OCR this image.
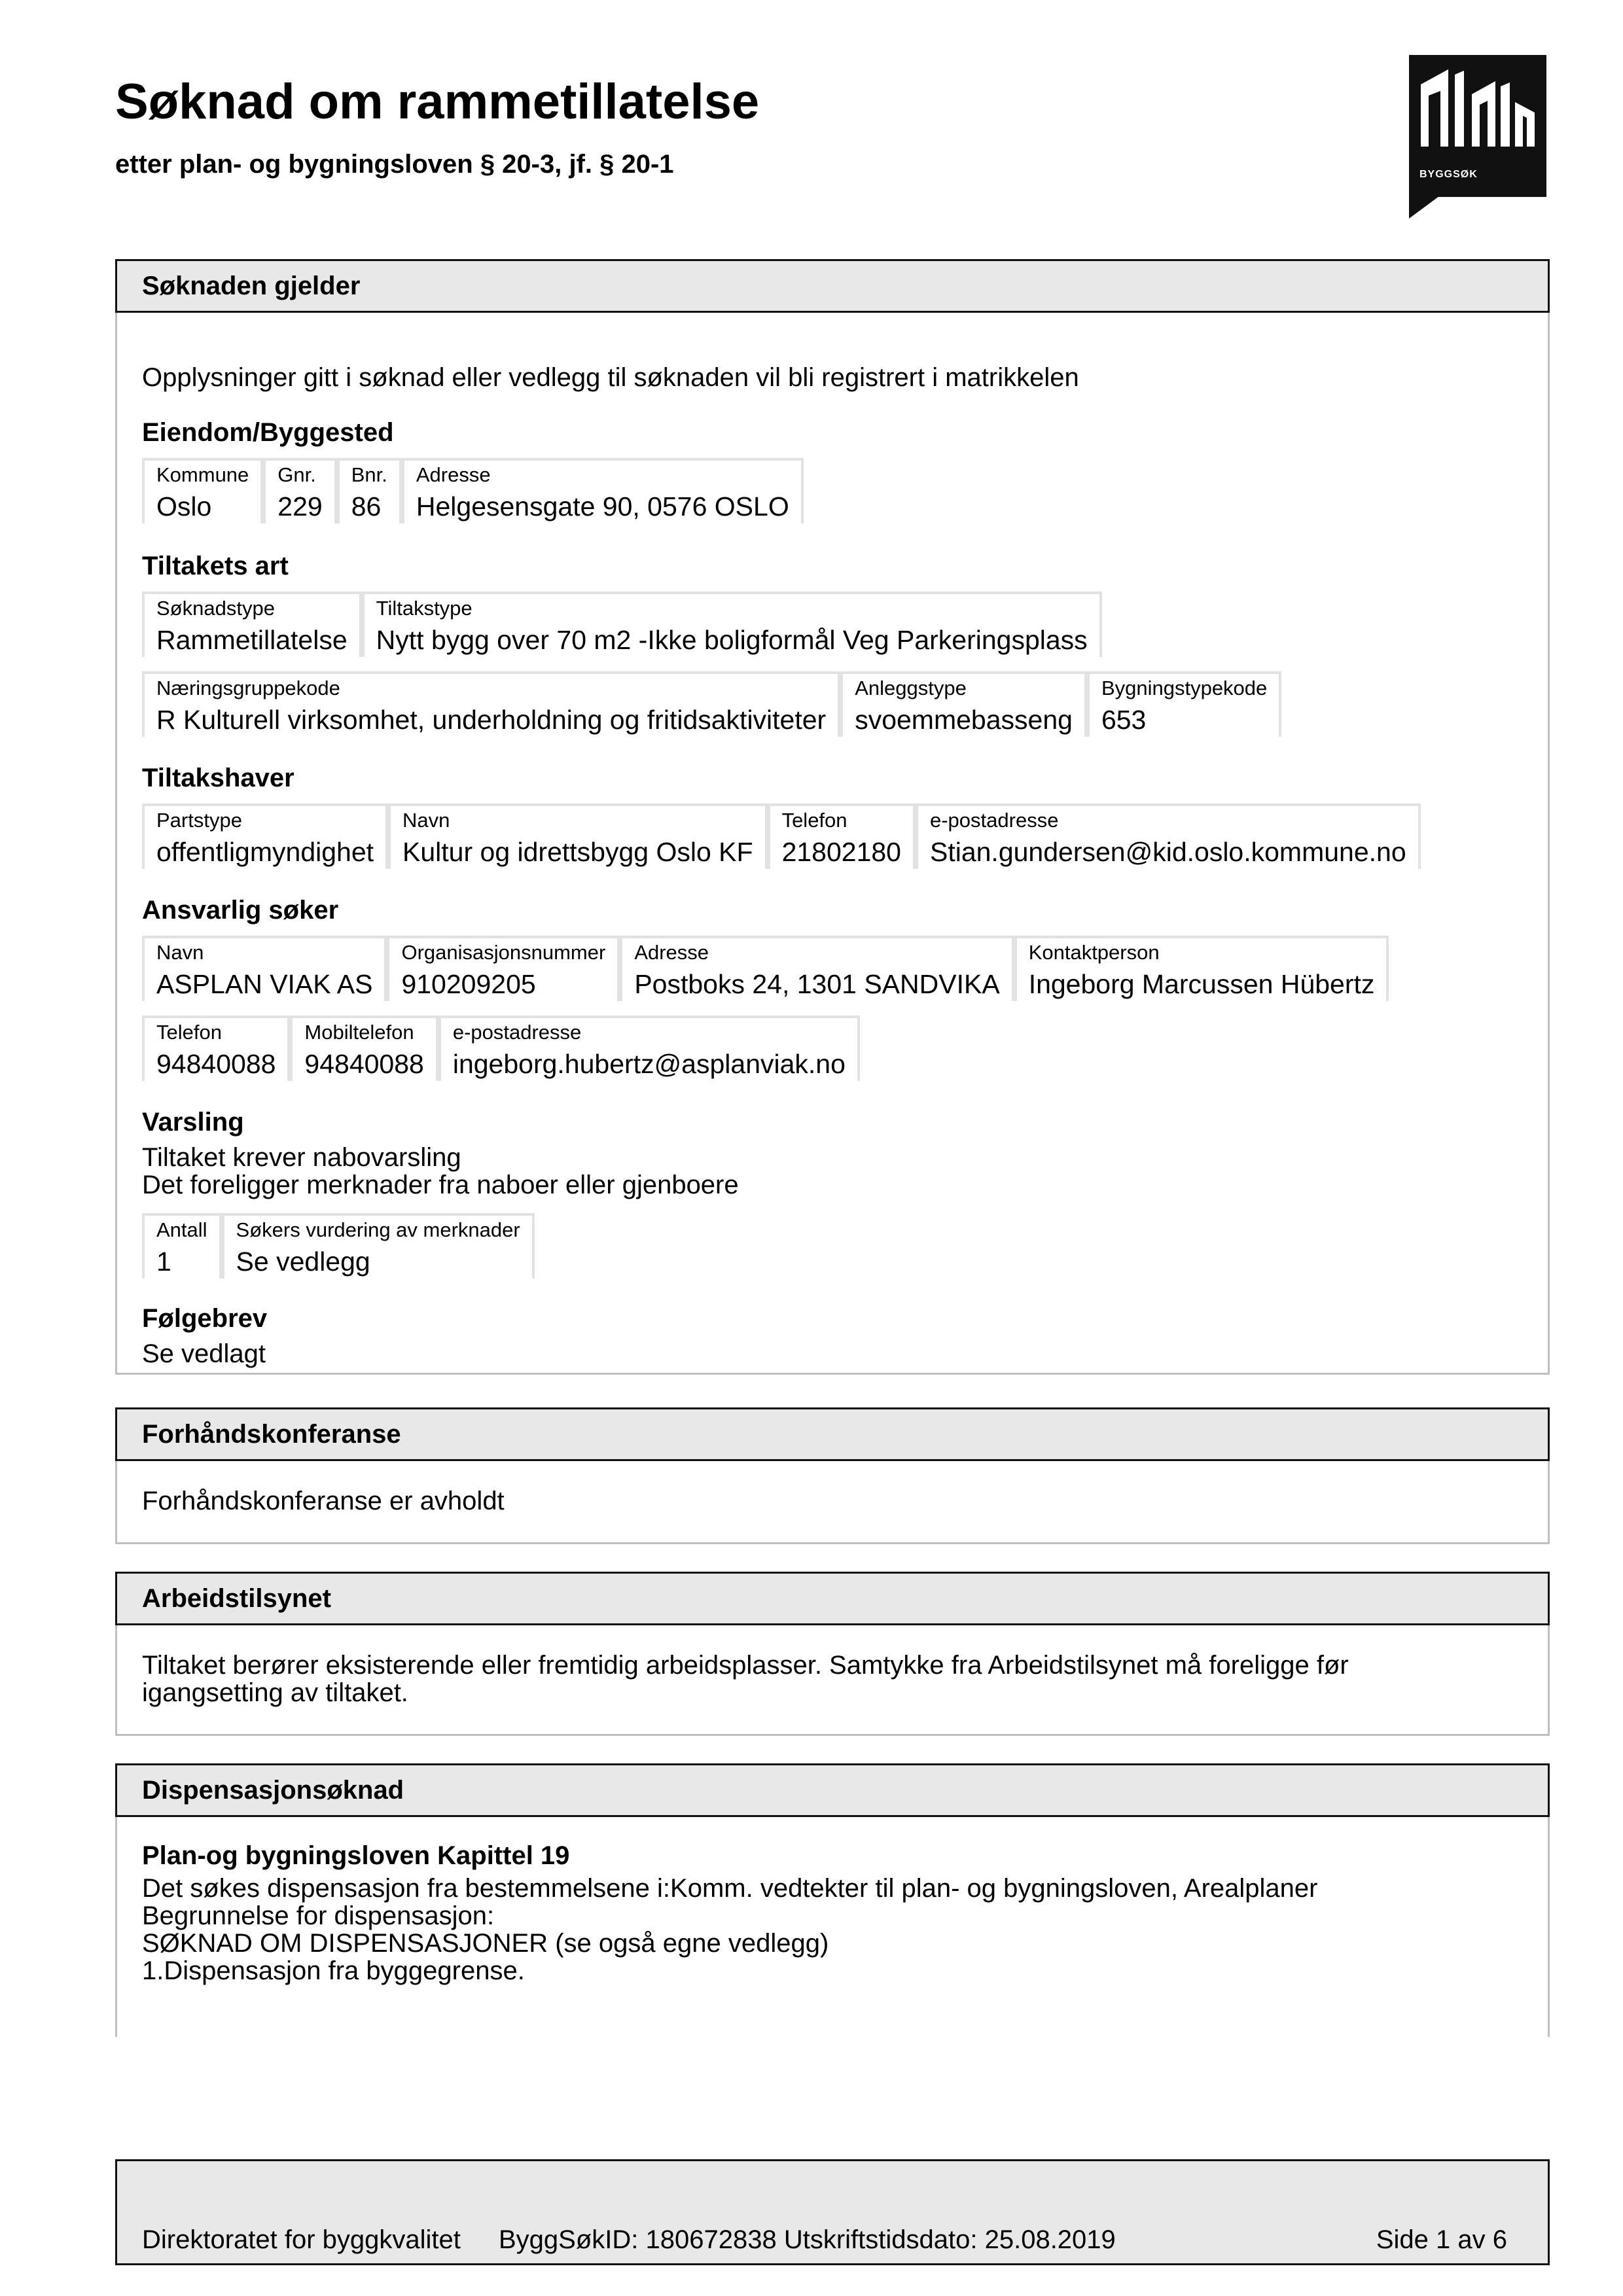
Søknad om rammetillatelse
etter plan- og bygningsloven § 20-3, jf. § 20-1	BYGGSØK
Søknaden gjelder
Opplysninger gitt i søknad eller vedlegg til søknaden vil bli registrert i matrikkelen
Eiendom/Byggested
Kommune
Oslo
Gnr.
229
Bnr.
86
Adresse
Helgesensgate 90, 0576 OSLO
Tiltakets art
Søknadstype
Rammetillatelse
Tiltakstype
Nytt bygg over 70 m2 -Ikke boligformål Veg Parkeringsplass
Næringsgruppekode
R Kulturell virksomhet, underholdning og fritidsaktiviteter
Anleggstype
svoemmebasseng
Bygningstypekode
653
Tiltakshaver
Partstype
offentligmyndighet
Navn
Kultur og idrettsbygg Oslo KF
Telefon
21802180
e-postadresse
Stian.gundersen@kid.oslo.kommune.no
Ansvarlig søker
Navn
ASPLAN VIAK AS
Organisasjonsnummer
910209205
Adresse
Postboks 24, 1301 SANDVIKA
Kontaktperson
Ingeborg Marcussen Hübertz
Telefon
94840088
Mobiltelefon
94840088
e-postadresse
ingeborg.hubertz@asplanviak.no
Varsling
Tiltaket krever nabovarsling
Det foreligger merknader fra naboer eller gjenboere
Antall
1
Søkers vurdering av merknader
Se vedlegg
Følgebrev
Se vedlagt
Forhåndskonferanse
Forhåndskonferanse er avholdt
Arbeidstilsynet
Tiltaket berører eksisterende eller fremtidig arbeidsplasser. Samtykke fra Arbeidstilsynet må foreligge før
igangsetting av tiltaket.
Dispensasjonsøknad
Plan-og bygningsloven Kapittel 19
Det søkes dispensasjon fra bestemmelsene i:Komm. vedtekter til plan- og bygningsloven, Arealplaner
Begrunnelse for dispensasjon:
SØKNAD OM DISPENSASJONER (se også egne vedlegg)
1.Dispensasjon fra byggegrense.
Direktoratet for byggkvalitet ByggSøkID: 180672838 Utskriftstidsdato: 25.08.2019	Side 1 av 6
